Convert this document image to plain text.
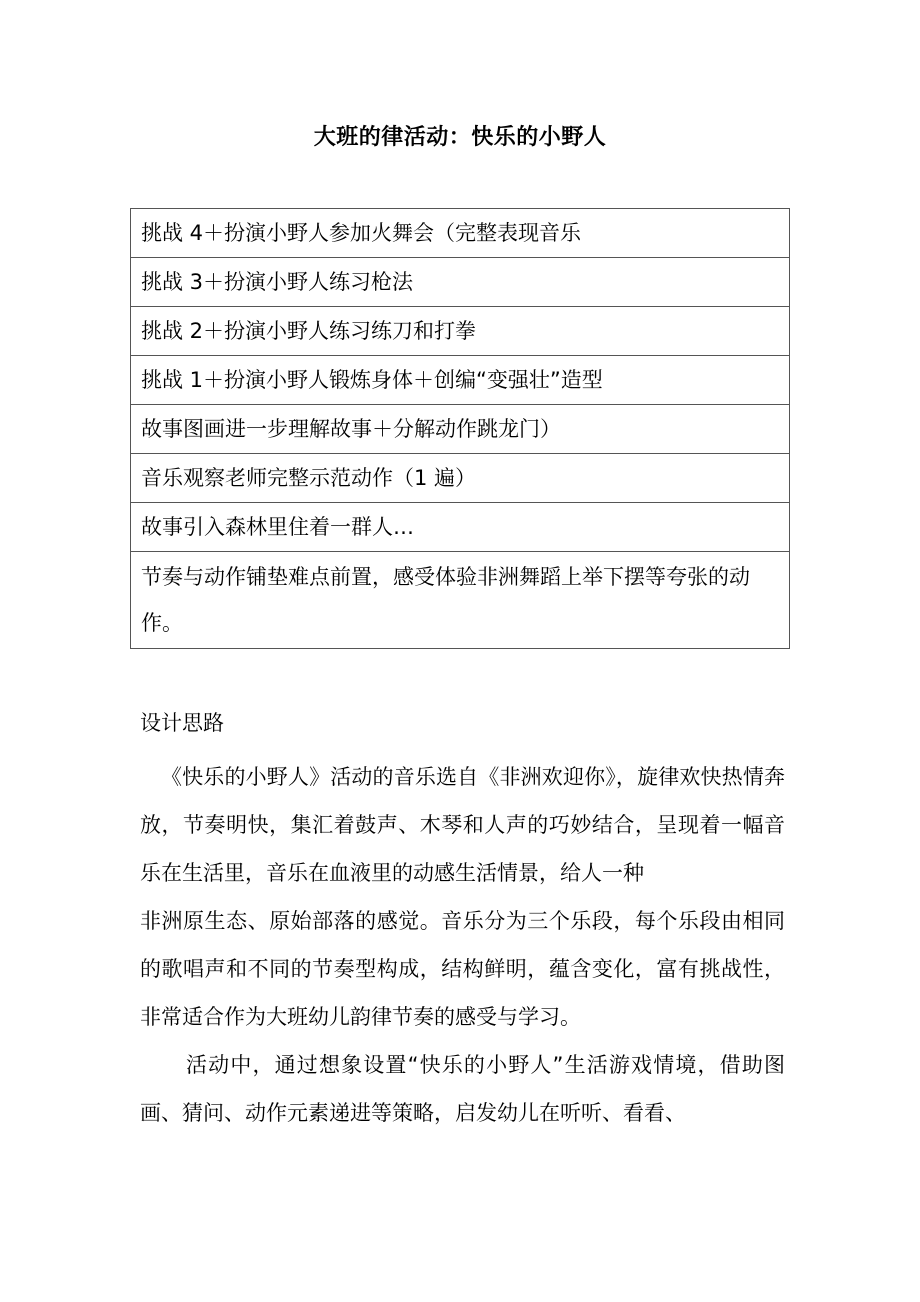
大班的律活动：快乐的小野人
挑战 4＋扮演小野人参加火舞会（完整表现音乐
挑战 3＋扮演小野人练习枪法
挑战 2＋扮演小野人练习练刀和打拳
挑战 1＋扮演小野人锻炼身体＋创编“变强壮”造型
故事图画进一步理解故事＋分解动作跳龙门）
音乐观察老师完整示范动作（1 遍）
故事引入森林里住着一群人…
节奏与动作铺垫难点前置，感受体验非洲舞蹈上举下摆等夸张的动作。
设计思路

《快乐的小野人》活动的音乐选自《非洲欢迎你》，旋律欢快热情奔放，节奏明快，集汇着鼓声、木琴和人声的巧妙结合，呈现着一幅音乐在生活里，音乐在血液里的动感生活情景，给人一种

非洲原生态、原始部落的感觉。音乐分为三个乐段，每个乐段由相同的歌唱声和不同的节奏型构成，结构鲜明，蕴含变化，富有挑战性，非常适合作为大班幼儿韵律节奏的感受与学习。

活动中，通过想象设置“快乐的小野人”生活游戏情境，借助图画、猜问、动作元素递进等策略，启发幼儿在听听、看看、
